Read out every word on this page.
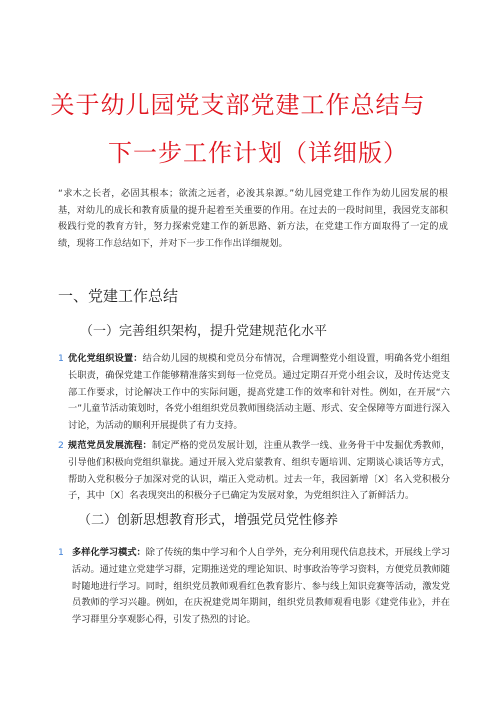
关于幼儿园党支部党建工作总结与
下一步工作计划（详细版）
“求木之长者，必固其根本；欲流之远者，必浚其泉源。”幼儿园党建工作作为幼儿园发展的根基，对幼儿的成长和教育质量的提升起着至关重要的作用。在过去的一段时间里，我园党支部积极践行党的教育方针，努力探索党建工作的新思路、新方法，在党建工作方面取得了一定的成绩，现将工作总结如下，并对下一步工作作出详细规划。
一、党建工作总结
（一）完善组织架构，提升党建规范化水平
1 优化党组织设置：结合幼儿园的规模和党员分布情况，合理调整党小组设置，明确各党小组组长职责，确保党建工作能够精准落实到每一位党员。通过定期召开党小组会议，及时传达党支部工作要求，讨论解决工作中的实际问题，提高党建工作的效率和针对性。例如，在开展“六一”儿童节活动策划时，各党小组组织党员教师围绕活动主题、形式、安全保障等方面进行深入讨论，为活动的顺利开展提供了有力支持。
2 规范党员发展流程：制定严格的党员发展计划，注重从教学一线、业务骨干中发掘优秀教师，引导他们积极向党组织靠拢。通过开展入党启蒙教育、组织专题培训、定期谈心谈话等方式，帮助入党积极分子加深对党的认识，端正入党动机。过去一年，我园新增〔X〕名入党积极分子，其中〔X〕名表现突出的积极分子已确定为发展对象，为党组织注入了新鲜活力。
（二）创新思想教育形式，增强党员党性修养
1 多样化学习模式：除了传统的集中学习和个人自学外，充分利用现代信息技术，开展线上学习活动。通过建立党建学习群，定期推送党的理论知识、时事政治等学习资料，方便党员教师随时随地进行学习。同时，组织党员教师观看红色教育影片、参与线上知识竞赛等活动，激发党员教师的学习兴趣。例如，在庆祝建党周年期间，组织党员教师观看电影《建党伟业》，并在学习群里分享观影心得，引发了热烈的讨论。
